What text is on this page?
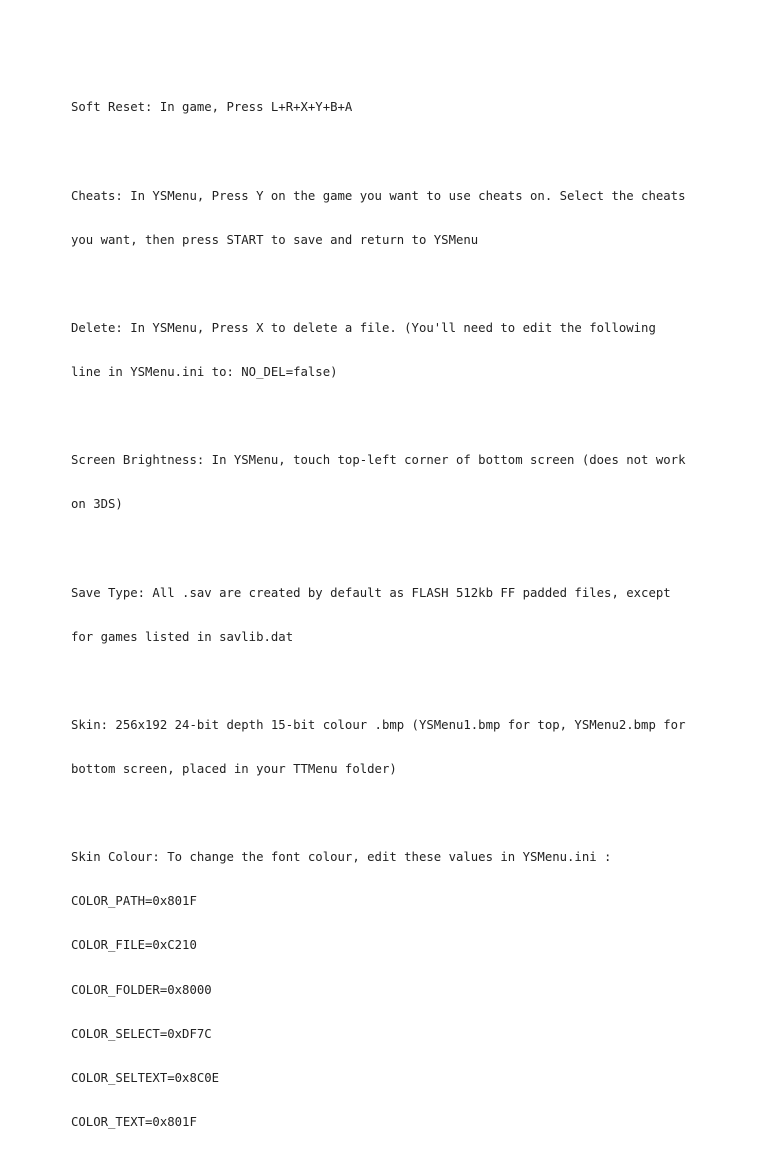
Soft Reset: In game, Press L+R+X+Y+B+A

Cheats: In YSMenu, Press Y on the game you want to use cheats on. Select the cheats

you want, then press START to save and return to YSMenu

Delete: In YSMenu, Press X to delete a file. (You'll need to edit the following

line in YSMenu.ini to: NO_DEL=false)

Screen Brightness: In YSMenu, touch top-left corner of bottom screen (does not work

on 3DS)

Save Type: All .sav are created by default as FLASH 512kb FF padded files, except

for games listed in savlib.dat

Skin: 256x192 24-bit depth 15-bit colour .bmp (YSMenu1.bmp for top, YSMenu2.bmp for

bottom screen, placed in your TTMenu folder)

Skin Colour: To change the font colour, edit these values in YSMenu.ini :

COLOR_PATH=0x801F

COLOR_FILE=0xC210

COLOR_FOLDER=0x8000

COLOR_SELECT=0xDF7C

COLOR_SELTEXT=0x8C0E

COLOR_TEXT=0x801F
